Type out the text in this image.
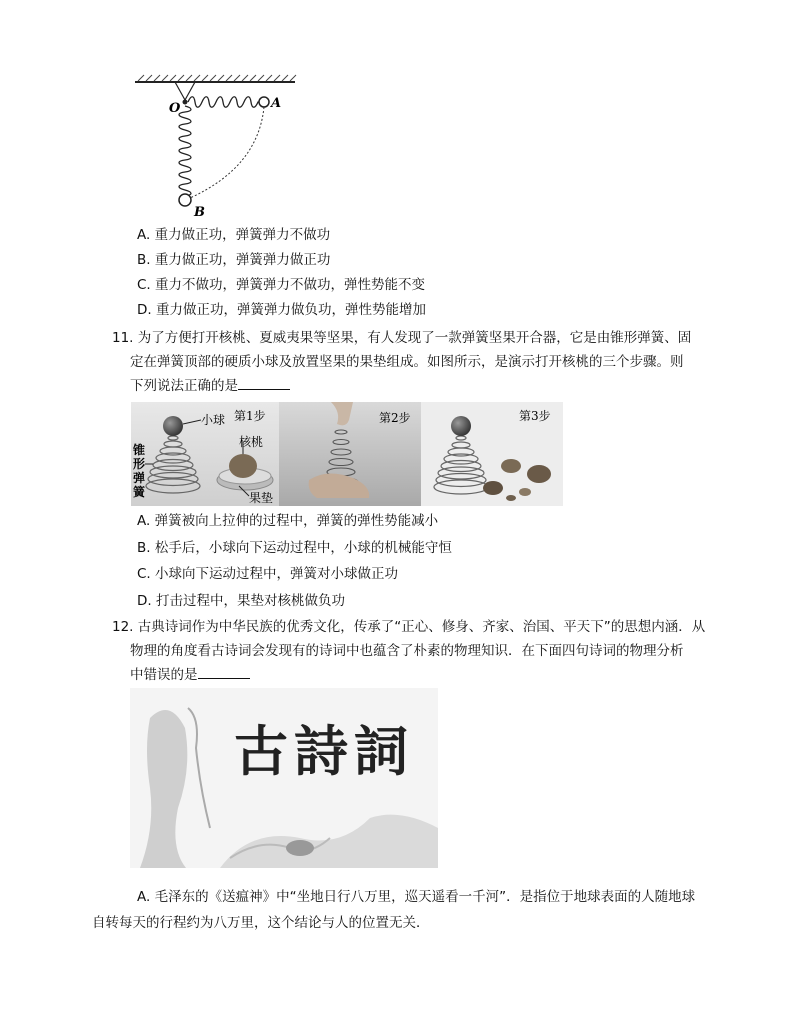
O	A
B
A. 重力做正功，弹簧弹力不做功
B. 重力做正功，弹簧弹力做正功
C. 重力不做功，弹簧弹力不做功，弹性势能不变
D. 重力做正功，弹簧弹力做负功，弹性势能增加
11. 为了方便打开核桃、夏威夷果等坚果，有人发现了一款弹簧坚果开合器，它是由锥形弹簧、固
定在弹簧顶部的硬质小球及放置坚果的果垫组成。如图所示，是演示打开核桃的三个步骤。则
下列说法正确的是
小球 第1步
核桃
果垫
锥 形 弹 簧
第2步	第3步
A. 弹簧被向上拉伸的过程中，弹簧的弹性势能减小
B. 松手后，小球向下运动过程中，小球的机械能守恒
C. 小球向下运动过程中，弹簧对小球做正功
D. 打击过程中，果垫对核桃做负功
12. 古典诗词作为中华民族的优秀文化，传承了“正心、修身、齐家、治国、平天下”的思想内涵．从
物理的角度看古诗词会发现有的诗词中也蕴含了朴素的物理知识．在下面四句诗词的物理分析
中错误的是
古詩詞
A. 毛泽东的《送瘟神》中“坐地日行八万里，巡天遥看一千河”．是指位于地球表面的人随地球
自转每天的行程约为八万里，这个结论与人的位置无关．
